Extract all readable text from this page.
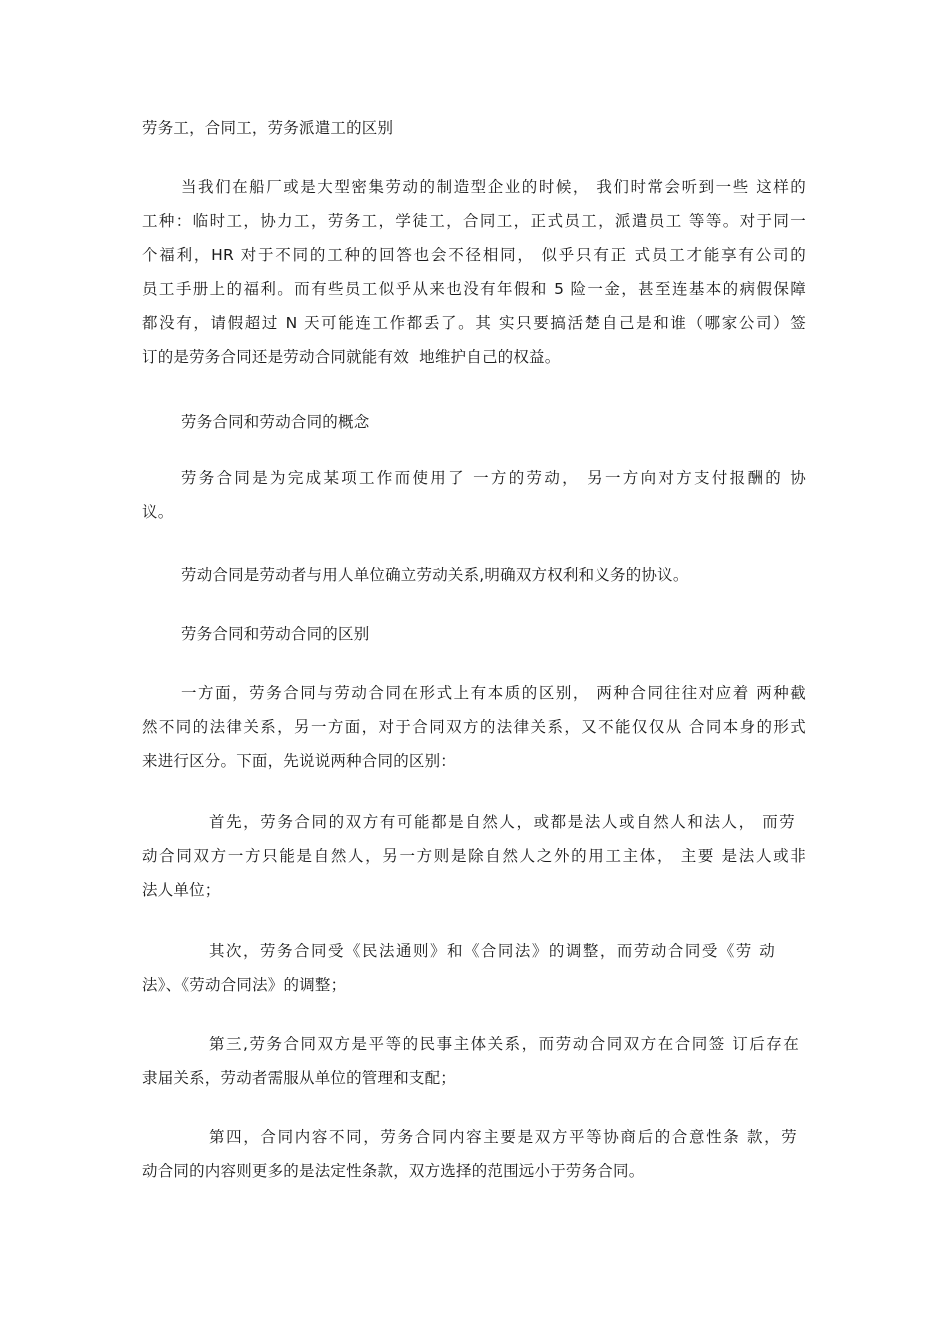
劳务工，合同工，劳务派遣工的区别
当我们在船厂或是大型密集劳动的制造型企业的时候， 我们时常会听到一些 这样的
工种：临时工，协力工，劳务工，学徒工，合同工，正式员工，派遣员工 等等。对于同一
个福利，HR 对于不同的工种的回答也会不径相同， 似乎只有正 式员工才能享有公司的
员工手册上的福利。而有些员工似乎从来也没有年假和 5 险一金，甚至连基本的病假保障
都没有，请假超过 N 天可能连工作都丢了。其 实只要搞活楚自己是和谁（哪家公司）签
订的是劳务合同还是劳动合同就能有效  地维护自己的权益。
劳务合同和劳动合同的概念
劳务合同是为完成某项工作而使用了 一方的劳动， 另一方向对方支付报酬的 协
议。
劳动合同是劳动者与用人单位确立劳动关系,明确双方权利和义务的协议。
劳务合同和劳动合同的区别
一方面，劳务合同与劳动合同在形式上有本质的区别， 两种合同往往对应着 两种截
然不同的法律关系，另一方面，对于合同双方的法律关系，又不能仅仅从 合同本身的形式
来进行区分。下面，先说说两种合同的区别：
首先，劳务合同的双方有可能都是自然人，或都是法人或自然人和法人， 而劳
动合同双方一方只能是自然人，另一方则是除自然人之外的用工主体， 主要 是法人或非
法人单位；
其次，劳务合同受《民法通则》和《合同法》的调整，而劳动合同受《劳 动
法》、《劳动合同法》的调整；
第三,劳务合同双方是平等的民事主体关系，而劳动合同双方在合同签 订后存在
隶届关系，劳动者需服从单位的管理和支配；
第四，合同内容不同，劳务合同内容主要是双方平等协商后的合意性条 款，劳
动合同的内容则更多的是法定性条款，双方选择的范围远小于劳务合同。
